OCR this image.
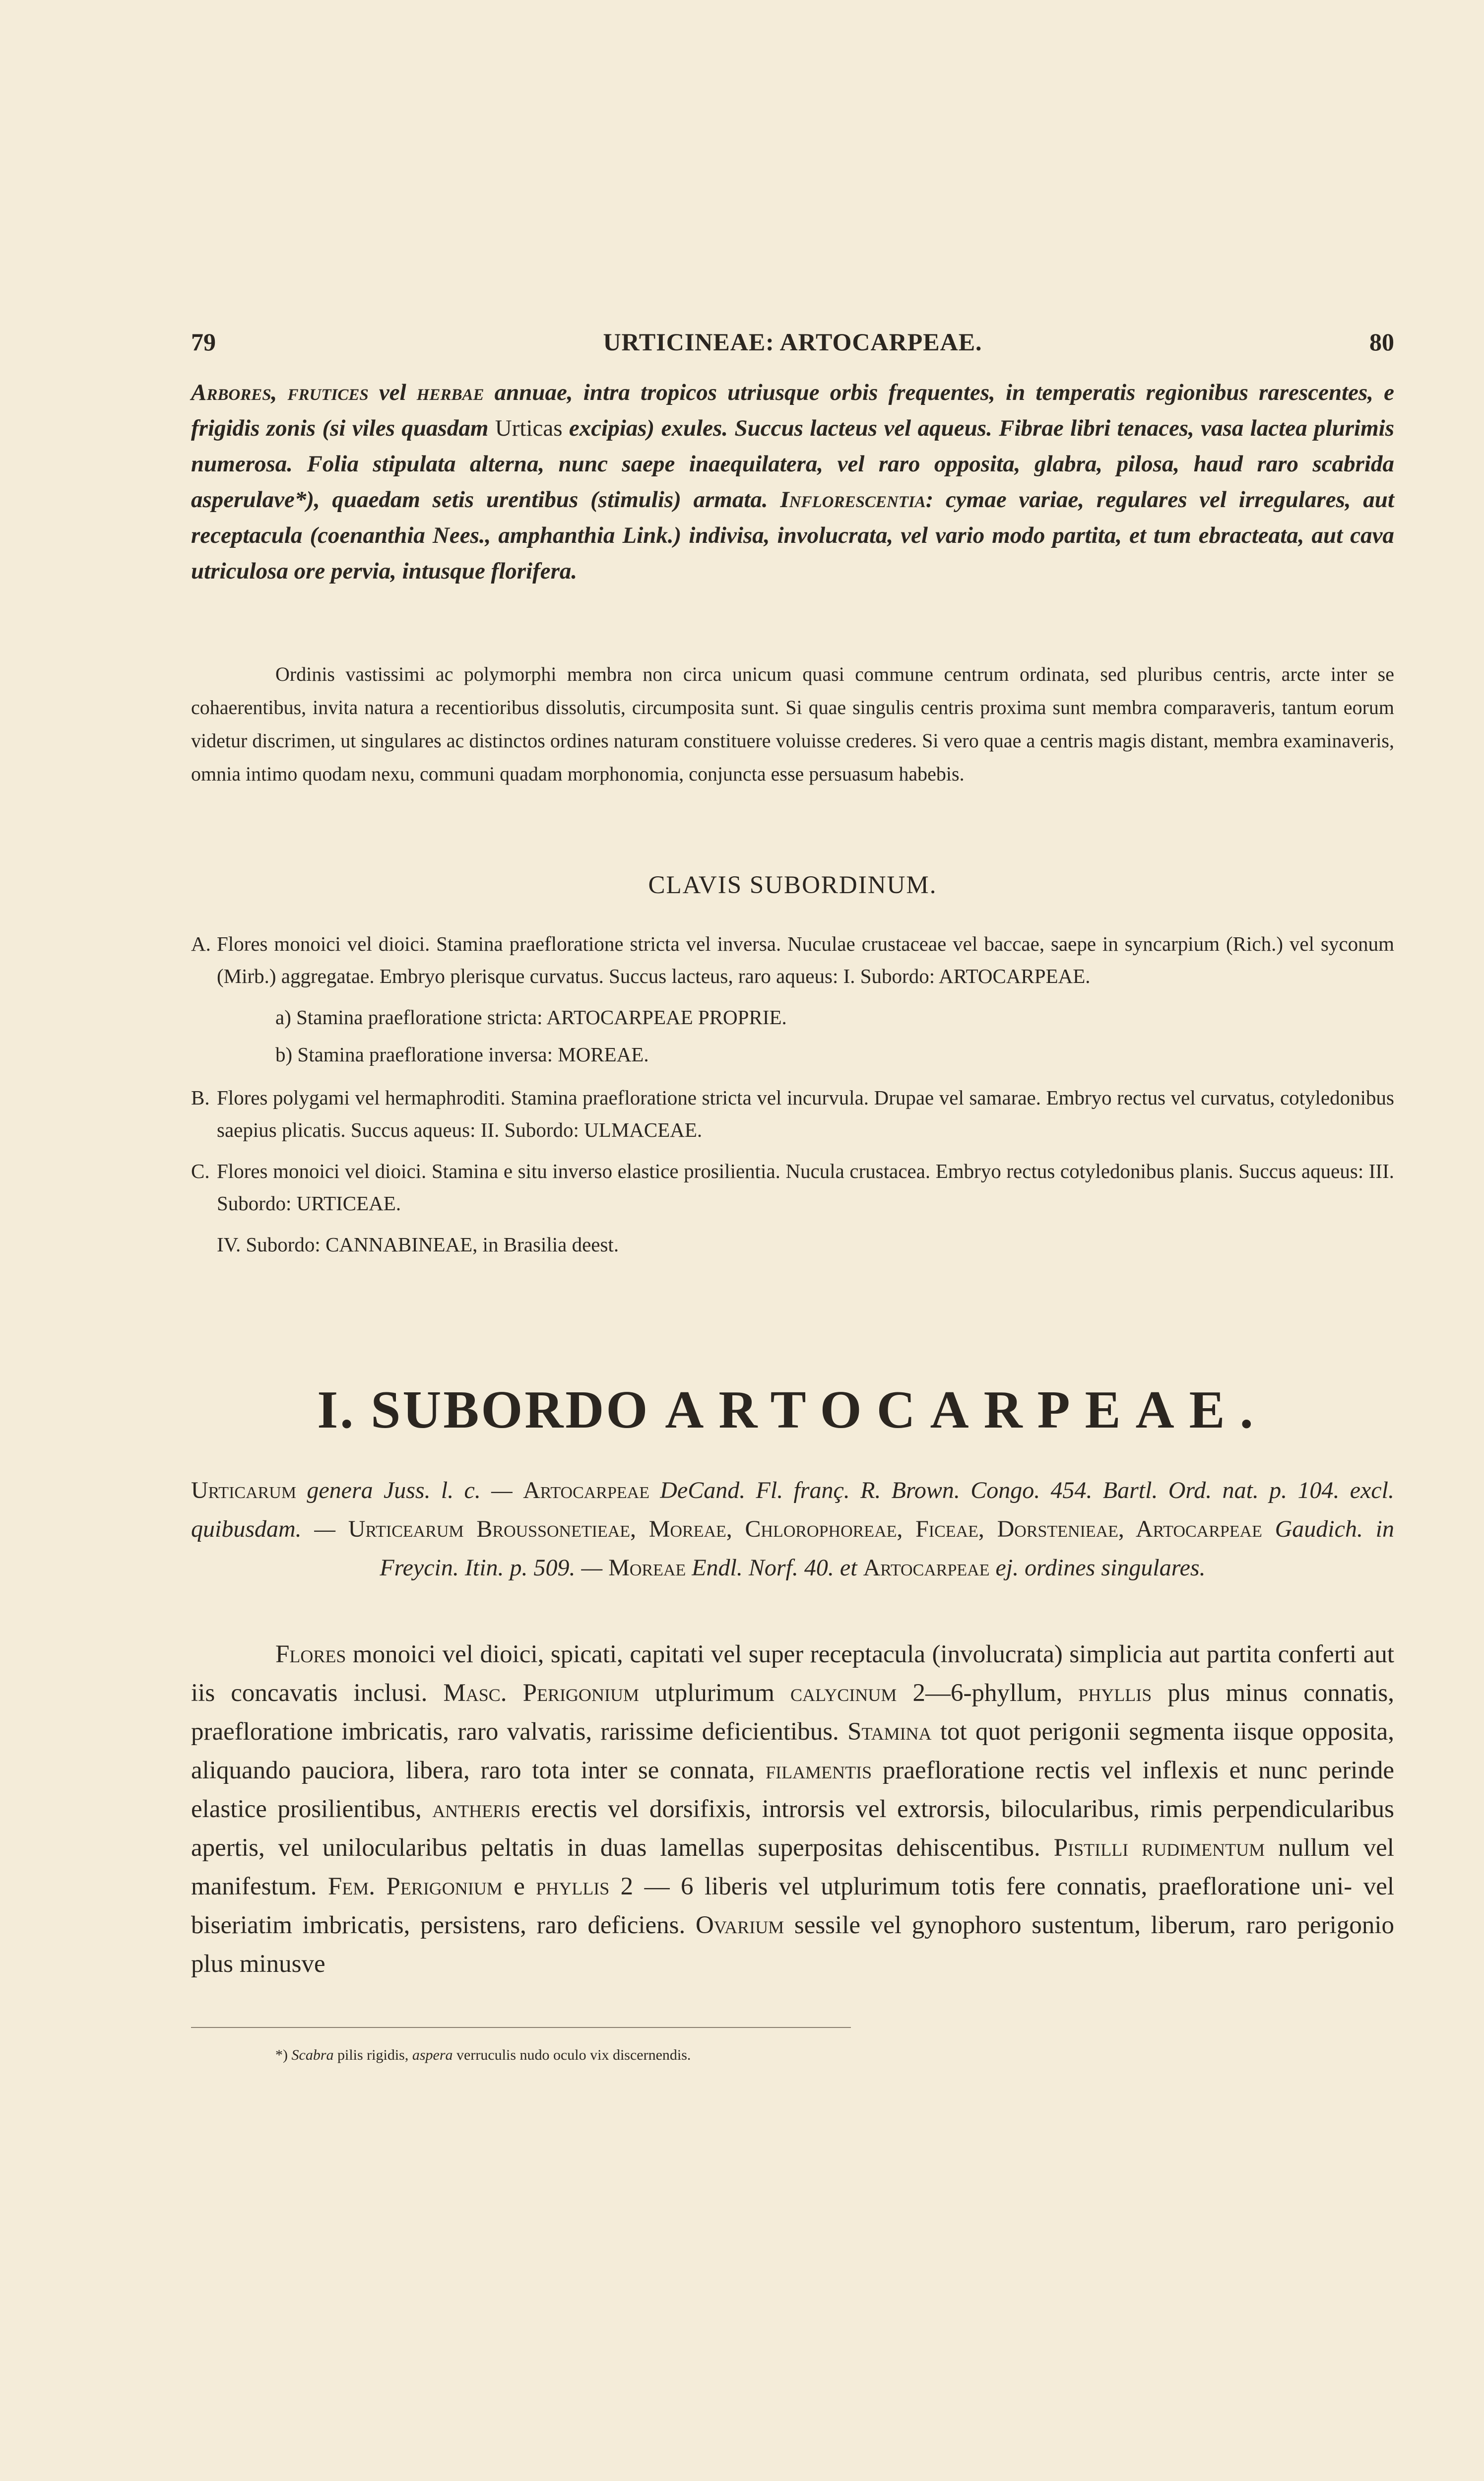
79	URTICINEAE: ARTOCARPEAE.	80
Arbores, frutices vel herbae annuae, intra tropicos utriusque orbis frequentes, in temperatis regionibus rarescentes, e frigidis zonis (si viles quasdam Urticas excipias) exules. Succus lacteus vel aqueus. Fibrae libri tenaces, vasa lactea plurimis numerosa. Folia stipulata alterna, nunc saepe inaequilatera, vel raro opposita, glabra, pilosa, haud raro scabrida asperulave*), quaedam setis urentibus (stimulis) armata. Inflorescentia: cymae variae, regulares vel irregulares, aut receptacula (coenanthia Nees., amphanthia Link.) indivisa, involucrata, vel vario modo partita, et tum ebracteata, aut cava utriculosa ore pervia, intusque florifera.
Ordinis vastissimi ac polymorphi membra non circa unicum quasi commune centrum ordinata, sed pluribus centris, arcte inter se cohaerentibus, invita natura a recentioribus dissolutis, circumposita sunt. Si quae singulis centris proxima sunt membra comparaveris, tantum eorum videtur discrimen, ut singulares ac distinctos ordines naturam constituere voluisse crederes. Si vero quae a centris magis distant, membra examinaveris, omnia intimo quodam nexu, communi quadam morphonomia, conjuncta esse persuasum habebis.
CLAVIS SUBORDINUM.
A. Flores monoici vel dioici. Stamina praefloratione stricta vel inversa. Nuculae crustaceae vel baccae, saepe in syncarpium (Rich.) vel syconum (Mirb.) aggregatae. Embryo plerisque curvatus. Succus lacteus, raro aqueus: I. Subordo: ARTOCARPEAE.
a) Stamina praefloratione stricta: ARTOCARPEAE PROPRIE.
b) Stamina praefloratione inversa: MOREAE.
B. Flores polygami vel hermaphroditi. Stamina praefloratione stricta vel incurvula. Drupae vel samarae. Embryo rectus vel curvatus, cotyledonibus saepius plicatis. Succus aqueus: II. Subordo: ULMACEAE.
C. Flores monoici vel dioici. Stamina e situ inverso elastice prosilientia. Nucula crustacea. Embryo rectus cotyledonibus planis. Succus aqueus: III. Subordo: URTICEAE.
IV. Subordo: CANNABINEAE, in Brasilia deest.
I. SUBORDO ARTOCARPEAE.
Urticarum genera Juss. l. c. — Artocarpeae DeCand. Fl. franç. R. Brown. Congo. 454. Bartl. Ord. nat. p. 104. excl. quibusdam. — Urticearum Broussonetieae, Moreae, Chlorophoreae, Ficeae, Dorstenieae, Artocarpeae Gaudich. in Freycin. Itin. p. 509. — Moreae Endl. Norf. 40. et Artocarpeae ej. ordines singulares.
Flores monoici vel dioici, spicati, capitati vel super receptacula (involucrata) simplicia aut partita conferti aut iis concavatis inclusi. Masc. Perigonium utplurimum calycinum 2—6-phyllum, phyllis plus minus connatis, praefloratione imbricatis, raro valvatis, rarissime deficientibus. Stamina tot quot perigonii segmenta iisque opposita, aliquando pauciora, libera, raro tota inter se connata, filamentis praefloratione rectis vel inflexis et nunc perinde elastice prosilientibus, antheris erectis vel dorsifixis, introrsis vel extrorsis, bilocularibus, rimis perpendicularibus apertis, vel unilocularibus peltatis in duas lamellas superpositas dehiscentibus. Pistilli rudimentum nullum vel manifestum. Fem. Perigonium e phyllis 2 — 6 liberis vel utplurimum totis fere connatis, praefloratione uni- vel biseriatim imbricatis, persistens, raro deficiens. Ovarium sessile vel gynophoro sustentum, liberum, raro perigonio plus minusve
*) Scabra pilis rigidis, aspera verruculis nudo oculo vix discernendis.
